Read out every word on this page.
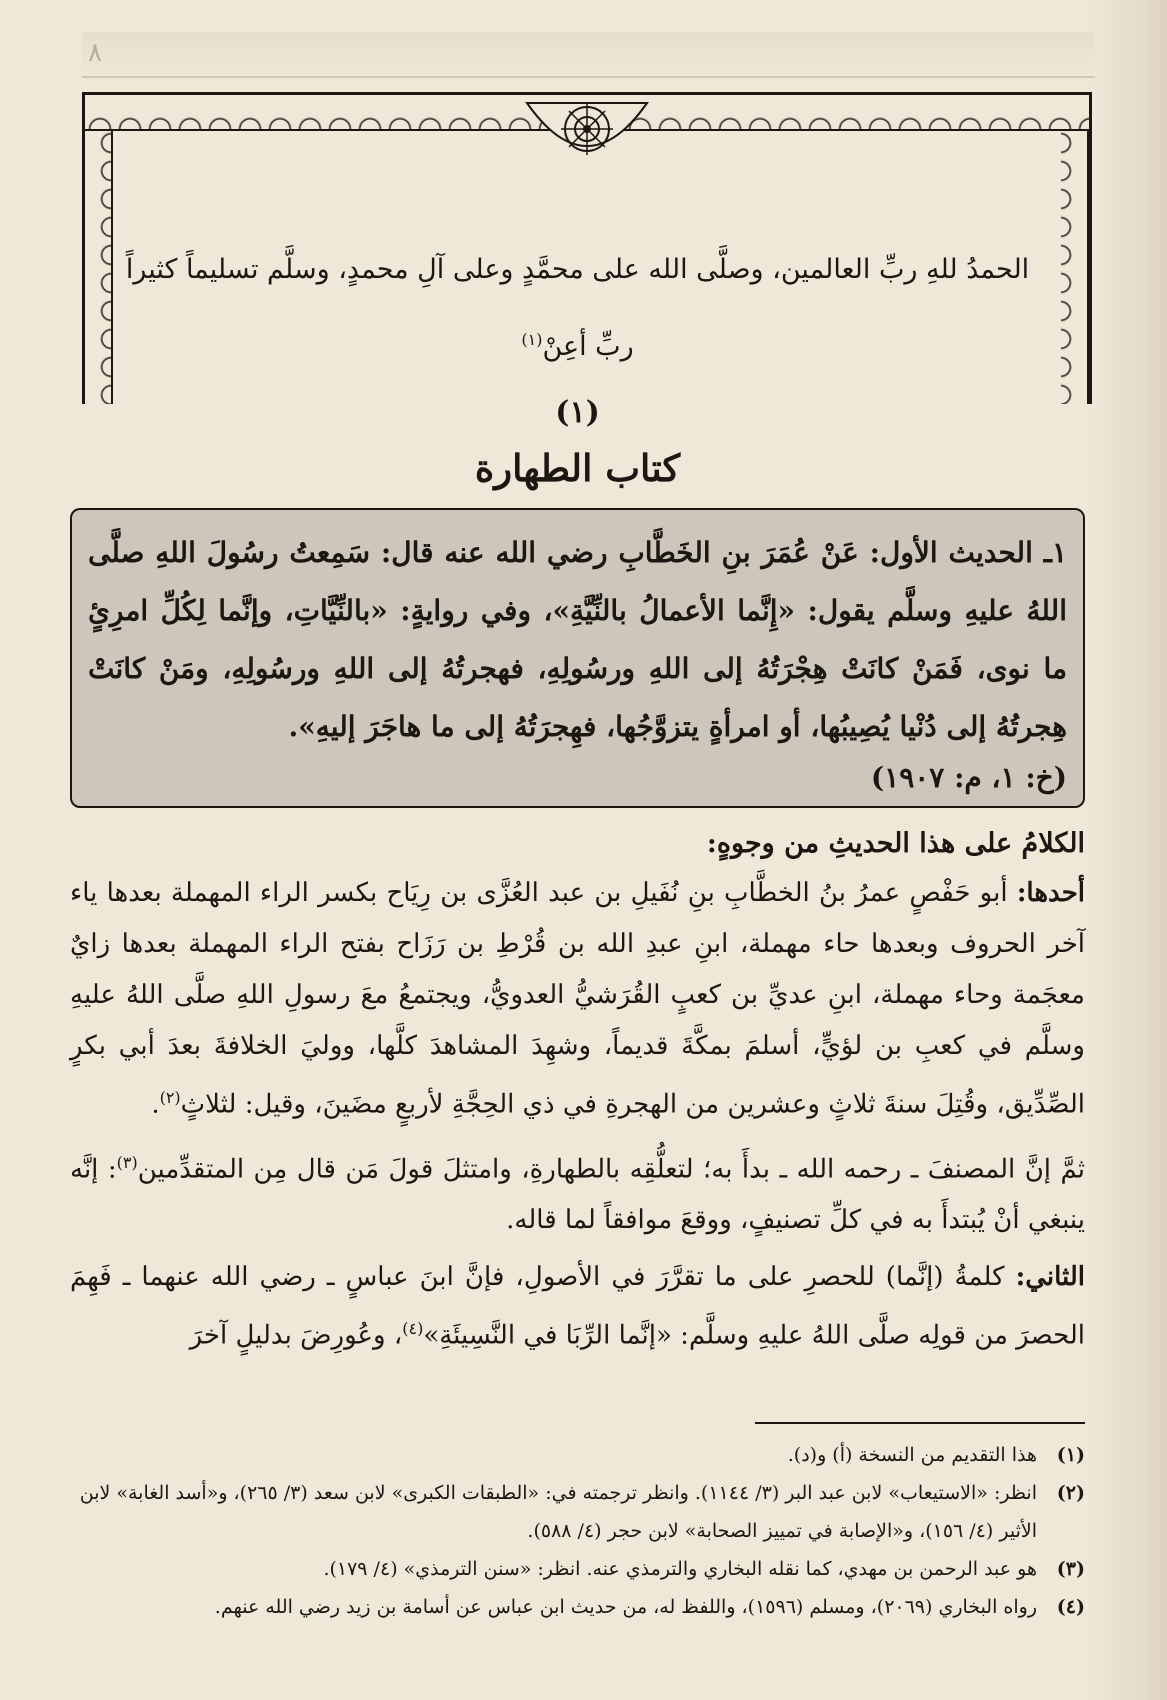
٨

الحمدُ للهِ ربِّ العالمين، وصلَّى الله على محمَّدٍ وعلى آلِ محمدٍ، وسلَّم تسليماً كثيراً

ربِّ أعِنْ$^{(١)}$

(١)

كتاب الطهارة

١ـ الحديث الأول: عَنْ عُمَرَ بنِ الخَطَّابِ رضي الله عنه قال: سَمِعتُ رسُولَ اللهِ صلَّى اللهُ عليهِ وسلَّم يقول: «إِنَّما الأعمالُ بالنِّيَّةِ»، وفي روايةٍ: «بالنِّيَّاتِ، وإنَّما لِكُلِّ امرِئٍ ما نوى، فَمَنْ كانَتْ هِجْرَتُهُ إلى اللهِ ورسُولِهِ، فهجرتُهُ إلى اللهِ ورسُولِهِ، ومَنْ كانَتْ هِجرتُهُ إلى دُنْيا يُصِيبُها، أو امرأةٍ يتزوَّجُها، فهِجرَتُهُ إلى ما هاجَرَ إليهِ».

(خ: ١، م: ١٩٠٧)

الكلامُ على هذا الحديثِ من وجوهٍ:

أحدها: أبو حَفْصٍ عمرُ بنُ الخطَّابِ بنِ نُفَيلِ بن عبد العُزَّى بن رِيَاح بكسر الراء المهملة بعدها ياء آخر الحروف وبعدها حاء مهملة، ابنِ عبدِ الله بن قُرْطِ بن رَزَاح بفتح الراء المهملة بعدها زايٌ معجَمة وحاء مهملة، ابنِ عديِّ بن كعبٍ القُرَشيُّ العدويُّ، ويجتمعُ معَ رسولِ اللهِ صلَّى اللهُ عليهِ وسلَّم في كعبِ بن لؤيٍّ، أسلمَ بمكَّةَ قديماً، وشهِدَ المشاهدَ كلَّها، ووليَ الخلافةَ بعدَ أبي بكرٍ الصِّدِّيق، وقُتِلَ سنةَ ثلاثٍ وعشرين من الهجرةِ في ذي الحِجَّةِ لأربعٍ مضَينَ، وقيل: لثلاثٍ$^{(٢)}$.

ثمَّ إنَّ المصنفَ ـ رحمه الله ـ بدأَ به؛ لتعلُّقِه بالطهارةِ، وامتثلَ قولَ مَن قال مِن المتقدِّمين$^{(٣)}$: إنَّه ينبغي أنْ يُبتدأَ به في كلِّ تصنيفٍ، ووقعَ موافقاً لما قاله.

الثاني: كلمةُ (إنَّما) للحصرِ على ما تقرَّرَ في الأصولِ، فإنَّ ابنَ عباسٍ ـ رضي الله عنهما ـ فَهِمَ الحصرَ من قولِه صلَّى اللهُ عليهِ وسلَّم: «إنَّما الرِّبَا في النَّسِيئَةِ»$^{(٤)}$، وعُورِضَ بدليلٍ آخرَ

(١)
هذا التقديم من النسخة (أ) و(د).

(٢)
انظر: «الاستيعاب» لابن عبد البر (٣/ ١١٤٤). وانظر ترجمته في: «الطبقات الكبرى» لابن سعد (٣/ ٢٦٥)، و«أسد الغابة» لابن الأثير (٤/ ١٥٦)، و«الإصابة في تمييز الصحابة» لابن حجر (٤/ ٥٨٨).

(٣)
هو عبد الرحمن بن مهدي، كما نقله البخاري والترمذي عنه. انظر: «سنن الترمذي» (٤/ ١٧٩).

(٤)
رواه البخاري (٢٠٦٩)، ومسلم (١٥٩٦)، واللفظ له، من حديث ابن عباس عن أسامة بن زيد رضي الله عنهم.
